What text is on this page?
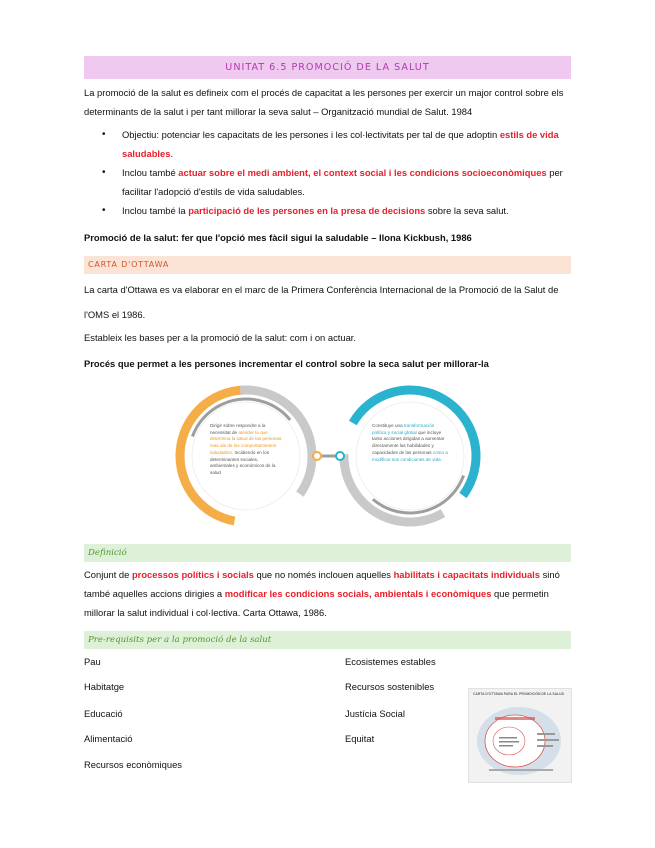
UNITAT 6.5 PROMOCIÓ DE LA SALUT
La promoció de la salut es defineix com el procés de capacitat a les persones per exercir un major control sobre els determinants de la salut i per tant millorar la seva salut – Organització mundial de Salut. 1984
• Objectiu: potenciar les capacitats de les persones i les col·lectivitats per tal de que adoptin estils de vida saludables.
• Inclou també actuar sobre el medi ambient, el context social i les condicions socioeconòmiques per facilitar l'adopció d'estils de vida saludables.
• Inclou també la participació de les persones en la presa de decisions sobre la seva salut.
Promoció de la salut: fer que l'opció mes fàcil sigui la saludable – Ilona Kickbush, 1986
CARTA D'OTTAWA
La carta d'Ottawa es va elaborar en el marc de la Primera Conferència Internacional de la Promoció de la Salut de l'OMS el 1986.
Estableix les bases per a la promoció de la salut: com i on actuar.
Procés que permet a les persones incrementar el control sobre la seca salut per millorar-la
Dirigir sobre respondre a la necessitat de atender la que determina la salud de las personas, mas ala de los comportamientos saludables. Incidiendo en los determinantes sociales, ambientales y económicos de la salud
Constituye una transformación política y social global que incluye tanto acciones dirigidas a aumentar directamente las habilidades y capacidades de las personas como a modificar sus condiciones de vida.
Definició
Conjunt de processos polítics i socials que no només inclouen aquelles habilitats i capacitats individuals sinó també aquelles accions dirigies a modificar les condicions socials, ambientals i econòmiques que permetin millorar la salut individual i col·lectiva. Carta Ottawa, 1986.
Pre-requisits per a la promoció de la salut
Pau
Habitatge
Educació
Alimentació
Recursos econòmiques
Ecosistemes estables
Recursos sostenibles
Justícia Social
Equitat
CARTA D'OTTAWA PARA EL PROMOCIÓN DE LA SALUD
